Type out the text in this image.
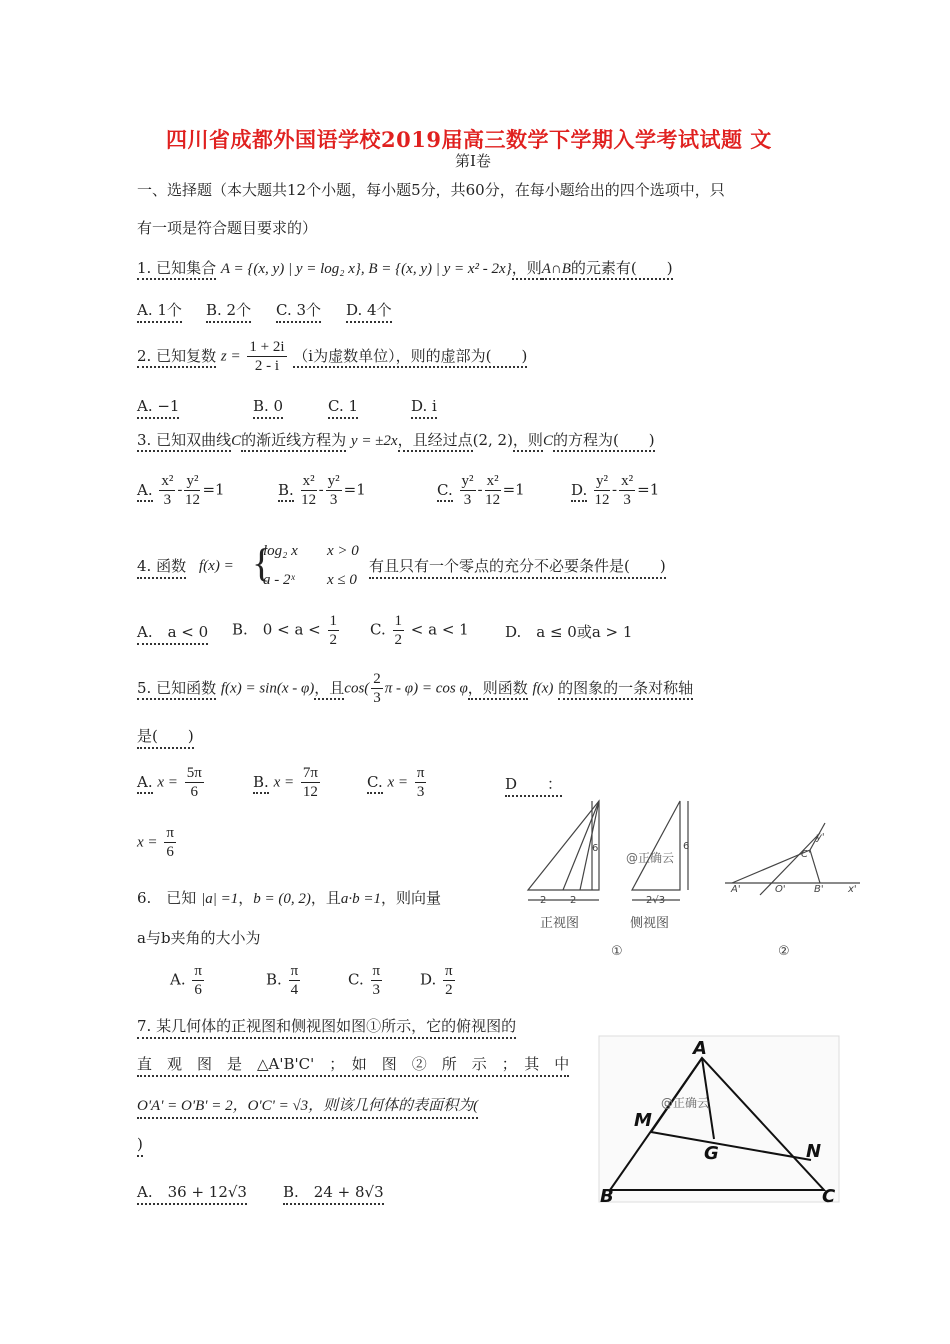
四川省成都外国语学校2019届高三数学下学期入学考试试题 文
第I卷
一、选择题（本大题共12个小题，每小题5分，共60分，在每小题给出的四个选项中，只
有一项是符合题目要求的）
1. 已知集合 A = {(x, y) | y = log₂ x}, B = {(x, y) | y = x² - 2x}，则A∩B的元素有(　　)
A. 1个 B. 2个 C. 3个 D. 4个
2. 已知复数 $z = \frac{1 + 2i}{2 - i} (i$为虚数单位），则的虚部为(　　)
A. −1	B. 0	C. 1	D. i
3. 已知双曲线C的渐近线方程为 y = ±2x，且经过点(2, 2)，则C的方程为(　　)
A. $\frac{\text{x²}}{3} - \frac{\text{y²}}{12} =1$	B. $\frac{\text{x²}}{12} - \frac{\text{y²}}{3} =1$	C. $\frac{\text{y²}}{3} - \frac{\text{x²}}{12} =1$	D. $\frac{\text{y²}}{12} - \frac{\text{x²}}{3} =1$
4. 函数 f(x) = {
log₂ x x > 0
a - 2ˣ x ≤ 0
有且只有一个零点的充分不必要条件是(　　)
A.　a < 0 B.　$0 < a < \frac{1}{2} C$. $\frac{1}{2} < a < 1$ D.　a ≤ 0或a > 1
5. 已知函数 f(x) = sin(x - φ)，且$\cos( \frac{2}{3}$ π - φ) = cos φ，则函数 f(x) 的图象的一条对称轴
是(　　)
A. $x = \frac{5\pi}{6}$	B. $x = \frac{7\pi}{12}$	C. $x = \frac{\pi}{3}$	D　　：
$x = \frac{\pi}{6}$
6.　已知 |a| =1，b = (0, 2)，且a·b =1，则向量
a与b夹角的大小为
A. $\frac{\pi}{6}$	B. $\frac{\pi}{4}$	C. $\frac{\pi}{3}$	D. $\frac{\pi}{2}$
7. 某几何体的正视图和侧视图如图①所示，它的俯视图的
直　观　图　是　△A'B'C'　；　如　图　②　所　示　；　其　中
O'A' = O'B' = 2，O'C' = √3，则该几何体的表面积为(
)
A.　36 + 12√3 B.　24 + 8√3
6
2 2
正视图
6
2√3
@正确云
侧视图
A'	O'	B'
C'
x'
y'
①	②
A
B	C
M
N
G
@正确云
